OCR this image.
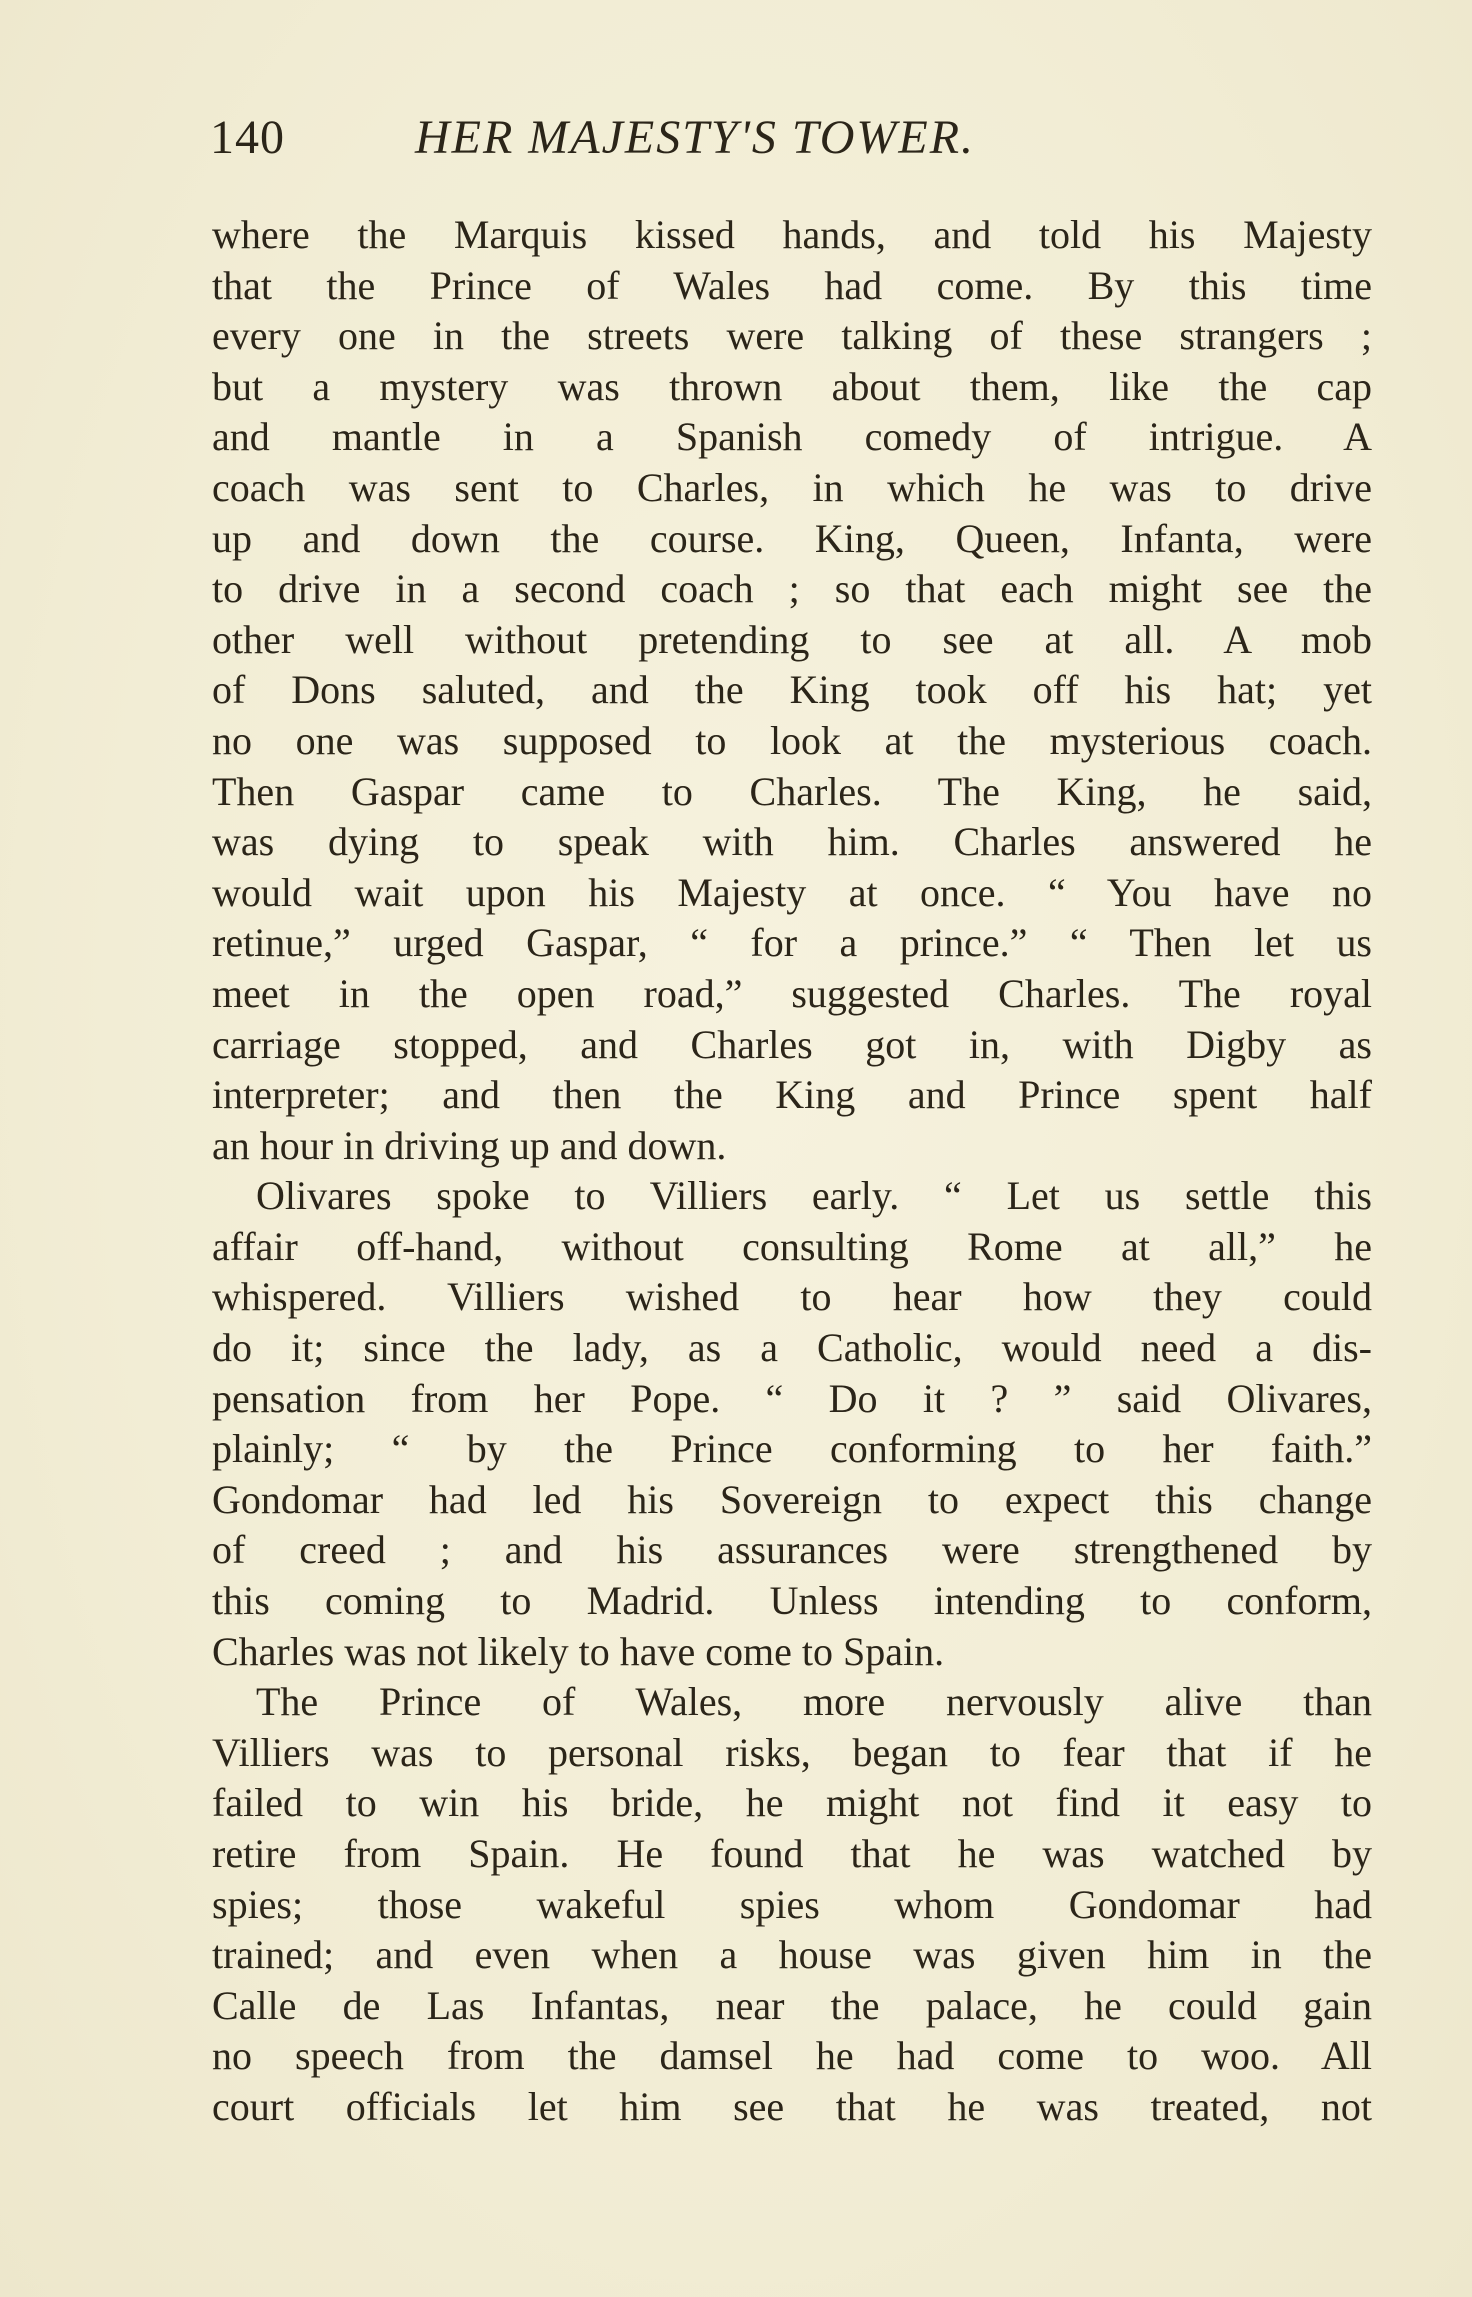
140	HER MAJESTY'S TOWER.
where the Marquis kissed hands, and told his Majesty
that the Prince of Wales had come. By this time
every one in the streets were talking of these strangers ;
but a mystery was thrown about them, like the cap
and mantle in a Spanish comedy of intrigue. A
coach was sent to Charles, in which he was to drive
up and down the course. King, Queen, Infanta, were
to drive in a second coach ; so that each might see the
other well without pretending to see at all. A mob
of Dons saluted, and the King took off his hat; yet
no one was supposed to look at the mysterious coach.
Then Gaspar came to Charles. The King, he said,
was dying to speak with him. Charles answered he
would wait upon his Majesty at once. “ You have no
retinue,” urged Gaspar, “ for a prince.” “ Then let us
meet in the open road,” suggested Charles. The royal
carriage stopped, and Charles got in, with Digby as
interpreter; and then the King and Prince spent half
an hour in driving up and down.
Olivares spoke to Villiers early. “ Let us settle this
affair off-hand, without consulting Rome at all,” he
whispered. Villiers wished to hear how they could
do it; since the lady, as a Catholic, would need a dis-
pensation from her Pope. “ Do it ? ” said Olivares,
plainly; “ by the Prince conforming to her faith.”
Gondomar had led his Sovereign to expect this change
of creed ; and his assurances were strengthened by
this coming to Madrid. Unless intending to conform,
Charles was not likely to have come to Spain.
The Prince of Wales, more nervously alive than
Villiers was to personal risks, began to fear that if he
failed to win his bride, he might not find it easy to
retire from Spain. He found that he was watched by
spies; those wakeful spies whom Gondomar had
trained; and even when a house was given him in the
Calle de Las Infantas, near the palace, he could gain
no speech from the damsel he had come to woo. All
court officials let him see that he was treated, not
